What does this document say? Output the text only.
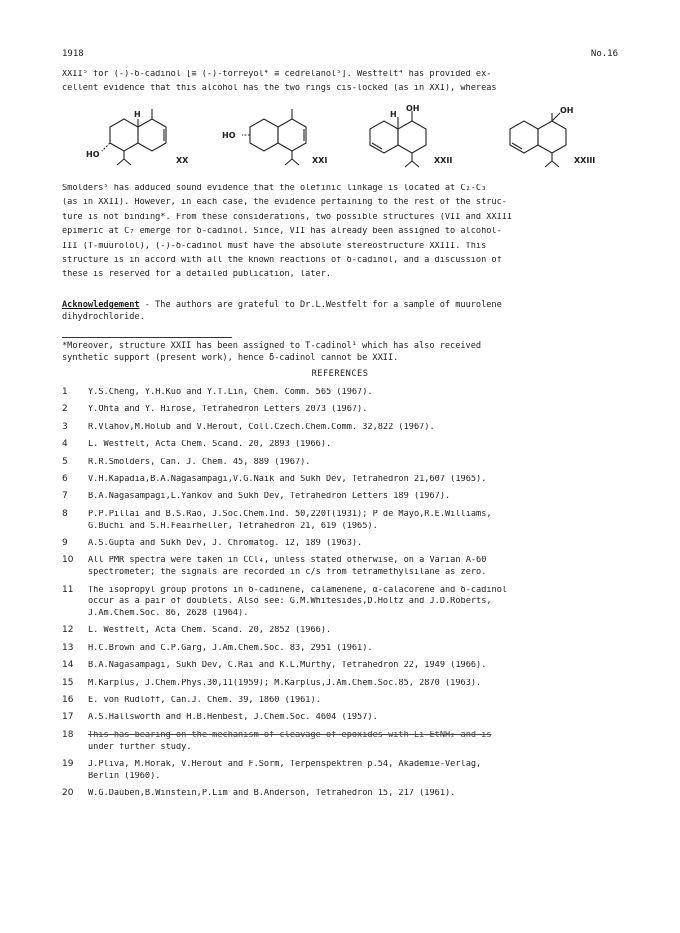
1918	No.16
XXII⁵ for (-)-δ-cadinol [≡ (-)-torreyol⁴ ≡ cedrelanol⁵]. Westfelt⁴ has provided ex-
cellent evidence that this alcohol has the two rings cis-locked (as in XXI), whereas
H
HO
XX
HO
XXI
H
OH
XXII
OH
XXIII
Smolders⁵ has adduced sound evidence that the olefinic linkage is located at C₂-C₃
(as in XXII). However, in each case, the evidence pertaining to the rest of the struc-
ture is not binding*. From these considerations, two possible structures (VII and XXIII
epimeric at C₇ emerge for δ-cadinol. Since, VII has already been assigned to alcohol-
III (T-muurolol), (-)-δ-cadinol must have the absolute stereostructure XXIII. This
structure is in accord with all the known reactions of δ-cadinol, and a discussion of
these is reserved for a detailed publication, later.
Acknowledgement - The authors are grateful to Dr.L.Westfelt for a sample of muurolene
dihydrochloride.
*Moreover, structure XXII has been assigned to T-cadinol¹ which has also received
synthetic support (present work), hence δ-cadinol cannot be XXII.
REFERENCES
1	Y.S.Cheng, Y.H.Kuo and Y.T.Lin, Chem. Comm. 565 (1967).
2	Y.Ohta and Y. Hirose, Tetrahedron Letters 2073 (1967).
3	R.Vlahov,M.Holub and V.Herout, Coll.Czech.Chem.Comm. 32,822 (1967).
4	L. Westfelt, Acta Chem. Scand. 20, 2893 (1966).
5	R.R.Smolders, Can. J. Chem. 45, 889 (1967).
6	V.H.Kapadia,B.A.Nagasampagi,V.G.Naik and Sukh Dev, Tetrahedron 21,607 (1965).
7	B.A.Nagasampagi,L.Yankov and Sukh Dev, Tetrahedron Letters 189 (1967).
8	P.P.Pillai and B.S.Rao, J.Soc.Chem.Ind. 50,220T(1931); P de Mayo,R.E.Williams,
G.Buchi and S.H.Feairheller, Tetrahedron 21, 619 (1965).
9	A.S.Gupta and Sukh Dev, J. Chromatog. 12, 189 (1963).
10	All PMR spectra were taken in CCl₄, unless stated otherwise, on a Varian A-60
spectrometer; the signals are recorded in c/s from tetramethylsilane as zero.
11	The isopropyl group protons in δ-cadinene, calamenene, α-calacorene and δ-cadinol
occur as a pair of doublets. Also see: G.M.Whitesides,D.Holtz and J.D.Roberts,
J.Am.Chem.Soc. 86, 2628 (1964).
12	L. Westfelt, Acta Chem. Scand. 20, 2852 (1966).
13	H.C.Brown and C.P.Garg, J.Am.Chem.Soc. 83, 2951 (1961).
14	B.A.Nagasampagi, Sukh Dev, C.Rai and K.L.Murthy, Tetrahedron 22, 1949 (1966).
15	M.Karplus, J.Chem.Phys.30,11(1959); M.Karplus,J.Am.Chem.Soc.85, 2870 (1963).
16	E. von Rudloff, Can.J. Chem. 39, 1860 (1961).
17	A.S.Hallsworth and H.B.Henbest, J.Chem.Soc. 4604 (1957).
18	This has bearing on the mechanism of cleavage of epoxides with Li-EtNH₂ and is
under further study.
19	J.Pliva, M.Horak, V.Herout and F.Sorm, Terpenspektren p.54, Akademie-Verlag,
Berlin (1960).
20	W.G.Dauben,B.Winstein,P.Lim and B.Anderson, Tetrahedron 15, 217 (1961).
